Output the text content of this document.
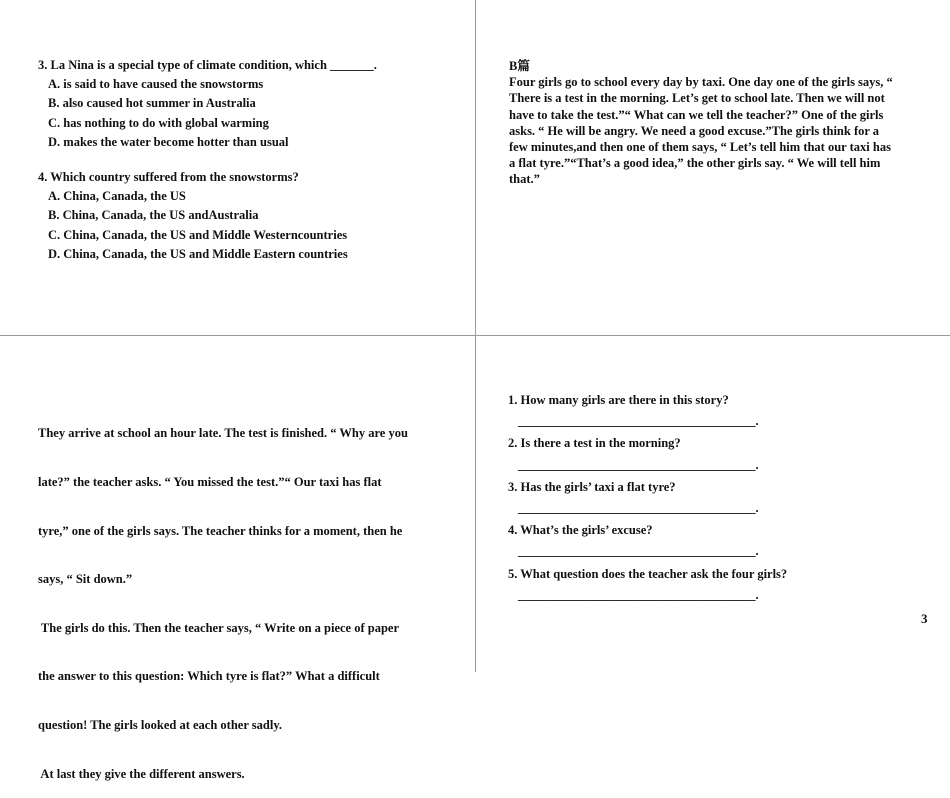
3. La Nina is a special type of climate condition, which _______.

A. is said to have caused the snowstorms

B. also caused hot summer in Australia

C. has nothing to do with global warming

D. makes the water become hotter than usual

4. Which country suffered from the snowstorms?

A. China, Canada, the US

B. China, Canada, the US andAustralia

C. China, Canada, the US and Middle Westerncountries

D. China, Canada, the US and Middle Eastern countries

B篇

Four girls go to school every day by taxi. One day one of the girls says, “

There is a test in the morning. Let’s get to school late. Then we will not

have to take the test.”“ What can we tell the teacher?” One of the girls

asks. “ He will be angry. We need a good excuse.”The girls think for a

few minutes,and then one of them says, “ Let’s tell him that our taxi has

a flat tyre.”“That’s a good idea,” the other girls say. “ We will tell him

that.”

They arrive at school an hour late. The test is finished. “ Why are you

late?” the teacher asks. “ You missed the test.”“ Our taxi has flat

tyre,” one of the girls says. The teacher thinks for a moment, then he

says, “ Sit down.”

The girls do this. Then the teacher says, “ Write on a piece of paper

the answer to this question: Which tyre is flat?” What a difficult

question! The girls looked at each other sadly.

At last they give the different answers.

1. How many girls are there in this story?

______________________________________.

2. Is there a test in the morning?

______________________________________.

3. Has the girls’ taxi a flat tyre?

______________________________________.

4. What’s the girls’ excuse?

______________________________________.

5. What question does the teacher ask the four girls?

______________________________________.

3
